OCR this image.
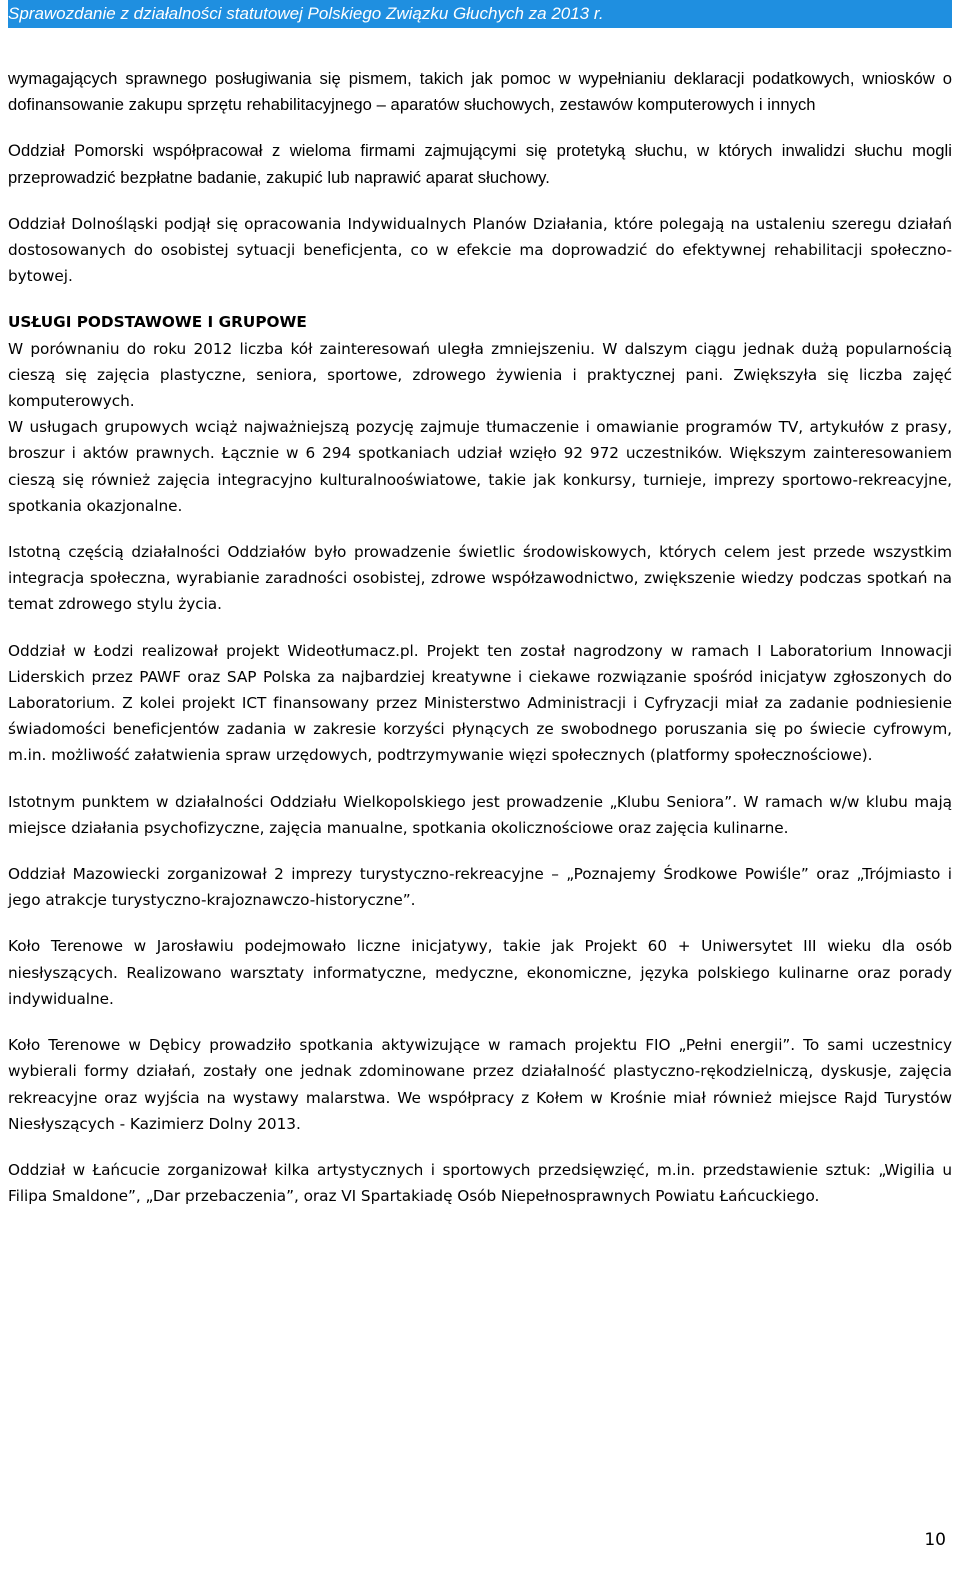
Sprawozdanie z działalności statutowej Polskiego Związku Głuchych za 2013 r.

wymagających sprawnego posługiwania się pismem, takich jak pomoc w wypełnianiu deklaracji podatkowych, wniosków o dofinansowanie zakupu sprzętu rehabilitacyjnego – aparatów słuchowych, zestawów komputerowych i innych

Oddział Pomorski współpracował z wieloma firmami zajmującymi się protetyką słuchu, w których inwalidzi słuchu mogli przeprowadzić bezpłatne badanie, zakupić lub naprawić aparat słuchowy.

Oddział Dolnośląski podjął się opracowania Indywidualnych Planów Działania, które polegają na ustaleniu szeregu działań dostosowanych do osobistej sytuacji beneficjenta, co w efekcie ma doprowadzić do efektywnej rehabilitacji społeczno-bytowej.

USŁUGI PODSTAWOWE I GRUPOWE

W porównaniu do roku 2012 liczba kół zainteresowań uległa zmniejszeniu. W dalszym ciągu jednak dużą popularnością cieszą się zajęcia plastyczne, seniora, sportowe, zdrowego żywienia i praktycznej pani. Zwiększyła się liczba zajęć komputerowych.

W usługach grupowych wciąż najważniejszą pozycję zajmuje tłumaczenie i omawianie programów TV, artykułów z prasy, broszur i aktów prawnych. Łącznie w 6 294 spotkaniach udział wzięło 92 972 uczestników. Większym zainteresowaniem cieszą się również zajęcia integracyjno kulturalnooświatowe, takie jak konkursy, turnieje, imprezy sportowo-rekreacyjne, spotkania okazjonalne.

Istotną częścią działalności Oddziałów było prowadzenie świetlic środowiskowych, których celem jest przede wszystkim integracja społeczna, wyrabianie zaradności osobistej, zdrowe współzawodnictwo, zwiększenie wiedzy podczas spotkań na temat zdrowego stylu życia.

Oddział w Łodzi realizował projekt Wideotłumacz.pl. Projekt ten został nagrodzony w ramach I Laboratorium Innowacji Liderskich przez PAWF oraz SAP Polska za najbardziej kreatywne i ciekawe rozwiązanie spośród inicjatyw zgłoszonych do Laboratorium. Z kolei projekt ICT finansowany przez Ministerstwo Administracji i Cyfryzacji miał za zadanie podniesienie świadomości beneficjentów zadania w zakresie korzyści płynących ze swobodnego poruszania się po świecie cyfrowym, m.in. możliwość załatwienia spraw urzędowych, podtrzymywanie więzi społecznych (platformy społecznościowe).

Istotnym punktem w działalności Oddziału Wielkopolskiego jest prowadzenie „Klubu Seniora”. W ramach w/w klubu mają miejsce działania psychofizyczne, zajęcia manualne, spotkania okolicznościowe oraz zajęcia kulinarne.

Oddział Mazowiecki zorganizował 2 imprezy turystyczno-rekreacyjne – „Poznajemy Środkowe Powiśle” oraz „Trójmiasto i jego atrakcje turystyczno-krajoznawczo-historyczne”.

Koło Terenowe w Jarosławiu podejmowało liczne inicjatywy, takie jak Projekt 60 + Uniwersytet III wieku dla osób niesłyszących. Realizowano warsztaty informatyczne, medyczne, ekonomiczne, języka polskiego kulinarne oraz porady indywidualne.

Koło Terenowe w Dębicy prowadziło spotkania aktywizujące w ramach projektu FIO „Pełni energii”. To sami uczestnicy wybierali formy działań, zostały one jednak zdominowane przez działalność plastyczno-rękodzielniczą, dyskusje, zajęcia rekreacyjne oraz wyjścia na wystawy malarstwa. We współpracy z Kołem w Krośnie miał również miejsce Rajd Turystów Niesłyszących - Kazimierz Dolny 2013.

Oddział w Łańcucie zorganizował kilka artystycznych i sportowych przedsięwzięć, m.in. przedstawienie sztuk: „Wigilia u Filipa Smaldone”, „Dar przebaczenia”, oraz VI Spartakiadę Osób Niepełnosprawnych Powiatu Łańcuckiego.

10
